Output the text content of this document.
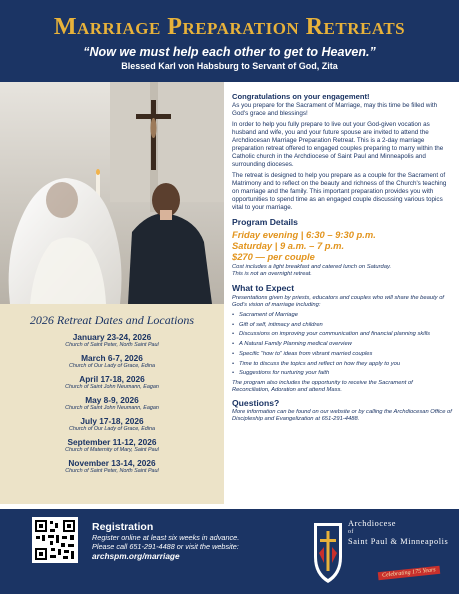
Marriage Preparation Retreats
“Now we must help each other to get to Heaven.”
Blessed Karl von Habsburg to Servant of God, Zita
Congratulations on your engagement!

As you prepare for the Sacrament of Marriage, may this time be filled with God's grace and blessings!

In order to help you fully prepare to live out your God-given vocation as husband and wife, you and your future spouse are invited to attend the Archdiocesan Marriage Preparation Retreat. This is a 2-day marriage preparation retreat offered to engaged couples preparing to marry within the Catholic church in the Archdiocese of Saint Paul and Minneapolis and surrounding dioceses.

The retreat is designed to help you prepare as a couple for the Sacrament of Matrimony and to reflect on the beauty and richness of the Church's teaching on marriage and the family. This important preparation provides you with opportunities to spend time as an engaged couple discussing various topics vital to your marriage.

Program Details
Friday evening | 6:30 – 9:30 p.m.
Saturday | 9 a.m. – 7 p.m.
$270 — per couple
Cost includes a light breakfast and catered lunch on Saturday.
This is not an overnight retreat.
What to Expect
Presentations given by priests, educators and couples who will share the beauty of God's vision of marriage including:
• Sacrament of Marriage
• Gift of self, intimacy and children
• Discussions on improving your communication and financial planning skills
• A Natural Family Planning medical overview
• Specific “how to” ideas from vibrant married couples
• Time to discuss the topics and reflect on how they apply to you
• Suggestions for nurturing your faith
The program also includes the opportunity to receive the Sacrament of Reconciliation, Adoration and attend Mass.
Questions?
More information can be found on our website or by calling the Archdiocesan Office of Discipleship and Evangelization at 651-291-4488.
2026 Retreat Dates and Locations
January 23-24, 2026
Church of Saint Peter, North Saint Paul
March 6-7, 2026
Church of Our Lady of Grace, Edina
April 17-18, 2026
Church of Saint John Neumann, Eagan
May 8-9, 2026
Church of Saint John Neumann, Eagan
July 17-18, 2026
Church of Our Lady of Grace, Edina
September 11-12, 2026
Church of Maternity of Mary, Saint Paul
November 13-14, 2026
Church of Saint Peter, North Saint Paul
Registration
Register online at least six weeks in advance.
Please call 651-291-4488 or visit the website:
archspm.org/marriage
Archdiocese
of
Saint Paul & Minneapolis
Celebrating 175 Years
